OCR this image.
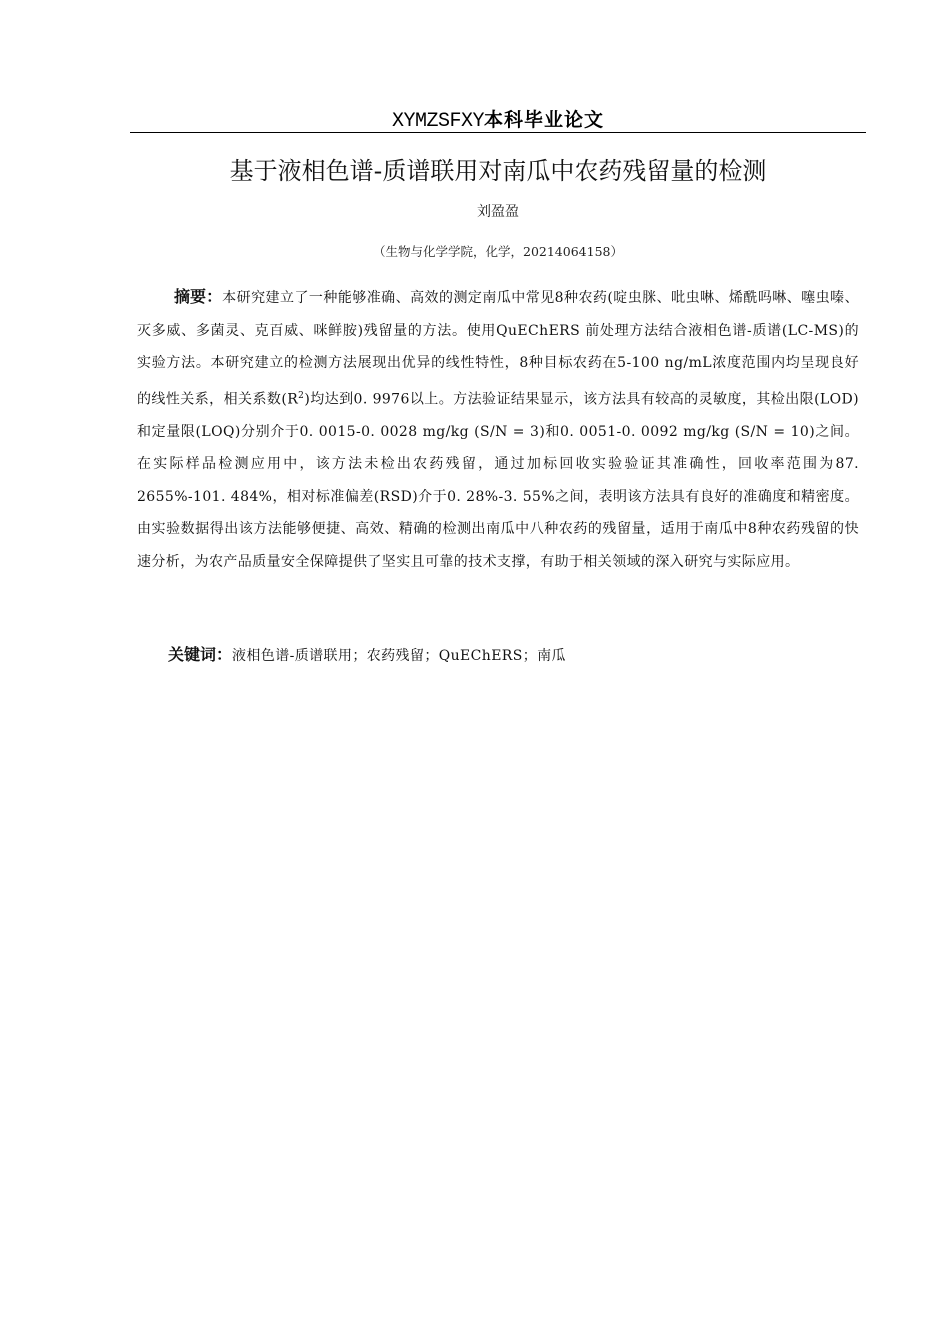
XYMZSFXY本科毕业论文
基于液相色谱-质谱联用对南瓜中农药残留量的检测
刘盈盈
（生物与化学学院，化学，20214064158）

摘要：本研究建立了一种能够准确、高效的测定南瓜中常见8种农药(啶虫脒、吡虫啉、烯酰吗啉、噻虫嗪、灭多威、多菌灵、克百威、咪鲜胺)残留量的方法。使用QuEChERS 前处理方法结合液相色谱-质谱(LC-MS)的实验方法。本研究建立的检测方法展现出优异的线性特性，8种目标农药在5-100 ng/mL浓度范围内均呈现良好的线性关系，相关系数$(R^2)$均达到0. 9976以上。方法验证结果显示，该方法具有较高的灵敏度，其检出限(LOD)和定量限(LOQ)分别介于0. 0015-0. 0028 mg/kg (S/N = 3)和0. 0051-0. 0092 mg/kg (S/N = 10)之间。在实际样品检测应用中，该方法未检出农药残留，通过加标回收实验验证其准确性，回收率范围为87. 2655%-101. 484%，相对标准偏差(RSD)介于0. 28%-3. 55%之间，表明该方法具有良好的准确度和精密度。由实验数据得出该方法能够便捷、高效、精确的检测出南瓜中八种农药的残留量，适用于南瓜中8种农药残留的快速分析，为农产品质量安全保障提供了坚实且可靠的技术支撑，有助于相关领域的深入研究与实际应用。

关键词：液相色谱-质谱联用；农药残留；QuEChERS；南瓜
